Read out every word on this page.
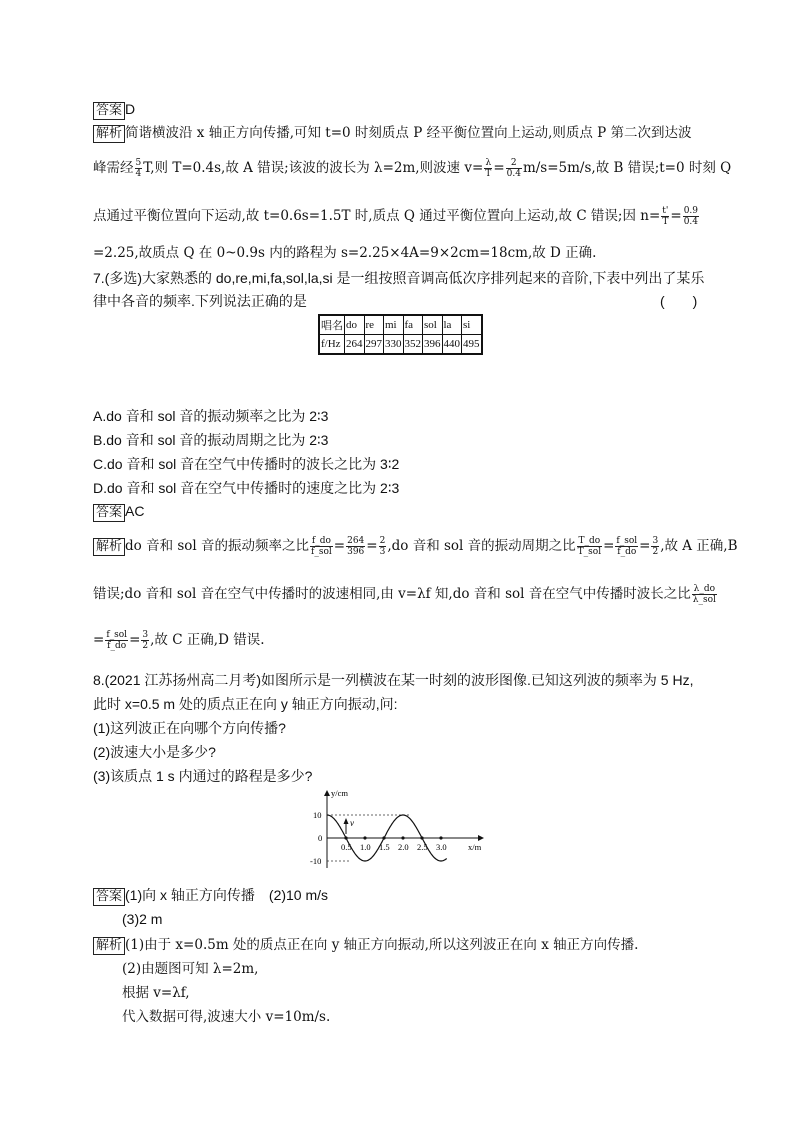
答案 D
解析 简谐横波沿 x 轴正方向传播,可知 t=0 时刻质点 P 经平衡位置向上运动,则质点 P 第二次到达波
峰需经 $\frac{5}{4} T$,则 T=0.4s,故 A 错误;该波的波长为 λ=2m,则波速 $v= \frac{\lambda}{T} = \frac{2}{0.4} m/s=5m/s$,故 B 错误;t=0 时刻 Q
点通过平衡位置向下运动,故 t=0.6s=1.5T 时,质点 Q 通过平衡位置向上运动,故 C 错误;因 $n= \frac{t'}{T} = \frac{0.9}{0.4}$
=2.25,故质点 Q 在 0~0.9s 内的路程为 s=2.25×4A=9×2cm=18cm,故 D 正确.
7.(多选)大家熟悉的 do,re,mi,fa,sol,la,si 是一组按照音调高低次序排列起来的音阶,下表中列出了某乐
律中各音的频率.下列说法正确的是	(　　)
唱名	do	re	mi	fa	sol	la	si
f/Hz	264	297	330	352	396	440	495
A.do 音和 sol 音的振动频率之比为 2∶3
B.do 音和 sol 音的振动周期之比为 2∶3
C.do 音和 sol 音在空气中传播时的波长之比为 3∶2
D.do 音和 sol 音在空气中传播时的速度之比为 2∶3
答案 AC
解析 do 音和 sol 音的振动频率之比 $\frac{f\_do}{\text{f\_sol}} = \frac{264}{396} = \frac{2}{3} ,do$ 音和 sol 音的振动周期之比 $\frac{T\_do}{\text{T\_sol}} = \frac{\text{f\_sol}}{f\_do} = \frac{3}{2}$ ,故 A 正确,B
错误;do 音和 sol 音在空气中传播时的波速相同,由 v=λf 知,do 音和 sol 音在空气中传播时波长之比 $\frac{\lambda\_do}{\text{λ\_sol}}$
= $\frac{\text{f\_sol}}{f\_do} = \frac{3}{2}$ ,故 C 正确,D 错误.
8.(2021 江苏扬州高二月考)如图所示是一列横波在某一时刻的波形图像.已知这列波的频率为 5 Hz,
此时 x=0.5 m 处的质点正在向 y 轴正方向振动,问:
(1)这列波正在向哪个方向传播?
(2)波速大小是多少?
(3)该质点 1 s 内通过的路程是多少?
v
y/cm
x/m
10
0
-10
0.5 1.0 1.5 2.0 2.5 3.0
答案 (1)向 x 轴正方向传播　(2)10 m/s
(3)2 m
解析 (1)由于 x=0.5m 处的质点正在向 y 轴正方向振动,所以这列波正在向 x 轴正方向传播.
(2)由题图可知 λ=2m,
根据 v=λf,
代入数据可得,波速大小 v=10m/s.
